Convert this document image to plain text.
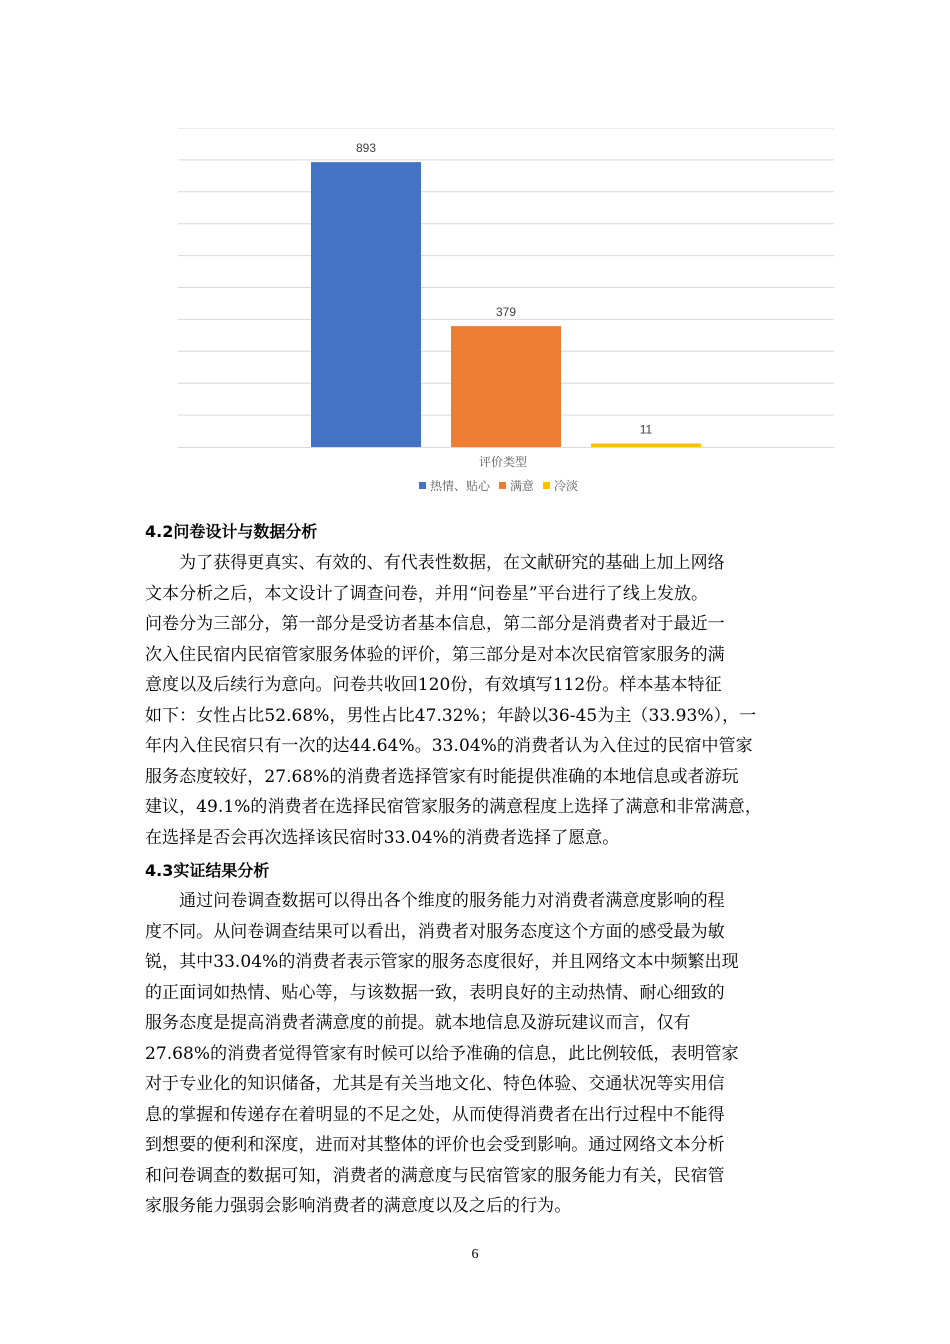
893
379
11
评价类型
热情、贴心 满意 冷淡
4.2问卷设计与数据分析
　　为了获得更真实、有效的、有代表性数据，在文献研究的基础上加上网络
文本分析之后，本文设计了调查问卷，并用“问卷星”平台进行了线上发放。
问卷分为三部分，第一部分是受访者基本信息，第二部分是消费者对于最近一
次入住民宿内民宿管家服务体验的评价，第三部分是对本次民宿管家服务的满
意度以及后续行为意向。问卷共收回120份，有效填写112份。样本基本特征
如下：女性占比52.68%，男性占比47.32%；年龄以36-45为主（33.93%），一
年内入住民宿只有一次的达44.64%。33.04%的消费者认为入住过的民宿中管家
服务态度较好，27.68%的消费者选择管家有时能提供准确的本地信息或者游玩
建议，49.1%的消费者在选择民宿管家服务的满意程度上选择了满意和非常满意，
在选择是否会再次选择该民宿时33.04%的消费者选择了愿意。
4.3实证结果分析
　　通过问卷调查数据可以得出各个维度的服务能力对消费者满意度影响的程
度不同。从问卷调查结果可以看出，消费者对服务态度这个方面的感受最为敏
锐，其中33.04%的消费者表示管家的服务态度很好，并且网络文本中频繁出现
的正面词如热情、贴心等，与该数据一致，表明良好的主动热情、耐心细致的
服务态度是提高消费者满意度的前提。就本地信息及游玩建议而言，仅有
27.68%的消费者觉得管家有时候可以给予准确的信息，此比例较低，表明管家
对于专业化的知识储备，尤其是有关当地文化、特色体验、交通状况等实用信
息的掌握和传递存在着明显的不足之处，从而使得消费者在出行过程中不能得
到想要的便利和深度，进而对其整体的评价也会受到影响。通过网络文本分析
和问卷调查的数据可知，消费者的满意度与民宿管家的服务能力有关，民宿管
家服务能力强弱会影响消费者的满意度以及之后的行为。
6
